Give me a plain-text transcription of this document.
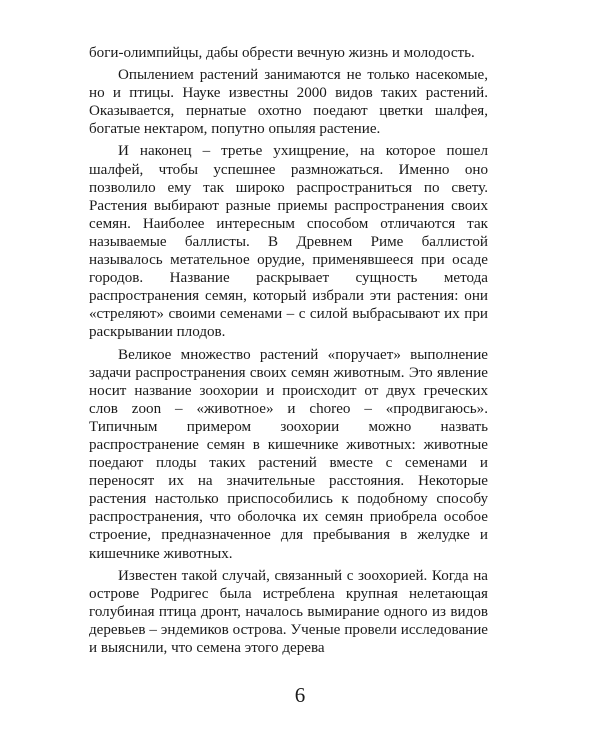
боги-олимпийцы, дабы обрести вечную жизнь и молодость.

Опылением растений занимаются не только насекомые, но и птицы. Науке известны 2000 видов таких растений. Оказывается, пернатые охотно поедают цветки шалфея, богатые нектаром, попутно опыляя растение.

И наконец – третье ухищрение, на которое пошел шалфей, чтобы успешнее размножаться. Именно оно позволило ему так широко распространиться по свету. Растения выбирают разные приемы распространения своих семян. Наиболее интересным способом отличаются так называемые баллисты. В Древнем Риме баллистой называлось метательное орудие, применявшееся при осаде городов. Название раскрывает сущность метода распространения семян, который избрали эти растения: они «стреляют» своими семенами – с силой выбрасывают их при раскрывании плодов.

Великое множество растений «поручает» выполнение задачи распространения своих семян животным. Это явление носит название зоохории и происходит от двух греческих слов zoon – «животное» и choreo – «продвигаюсь». Типичным примером зоохории можно назвать распространение семян в кишечнике животных: животные поедают плоды таких растений вместе с семенами и переносят их на значительные расстояния. Некоторые растения настолько приспособились к подобному способу распространения, что оболочка их семян приобрела особое строение, предназначенное для пребывания в желудке и кишечнике животных.

Известен такой случай, связанный с зоохорией. Когда на острове Родригес была истреблена крупная нелетающая голубиная птица дронт, началось вымирание одного из видов деревьев – эндемиков острова. Ученые провели исследование и выяснили, что семена этого дерева

6
